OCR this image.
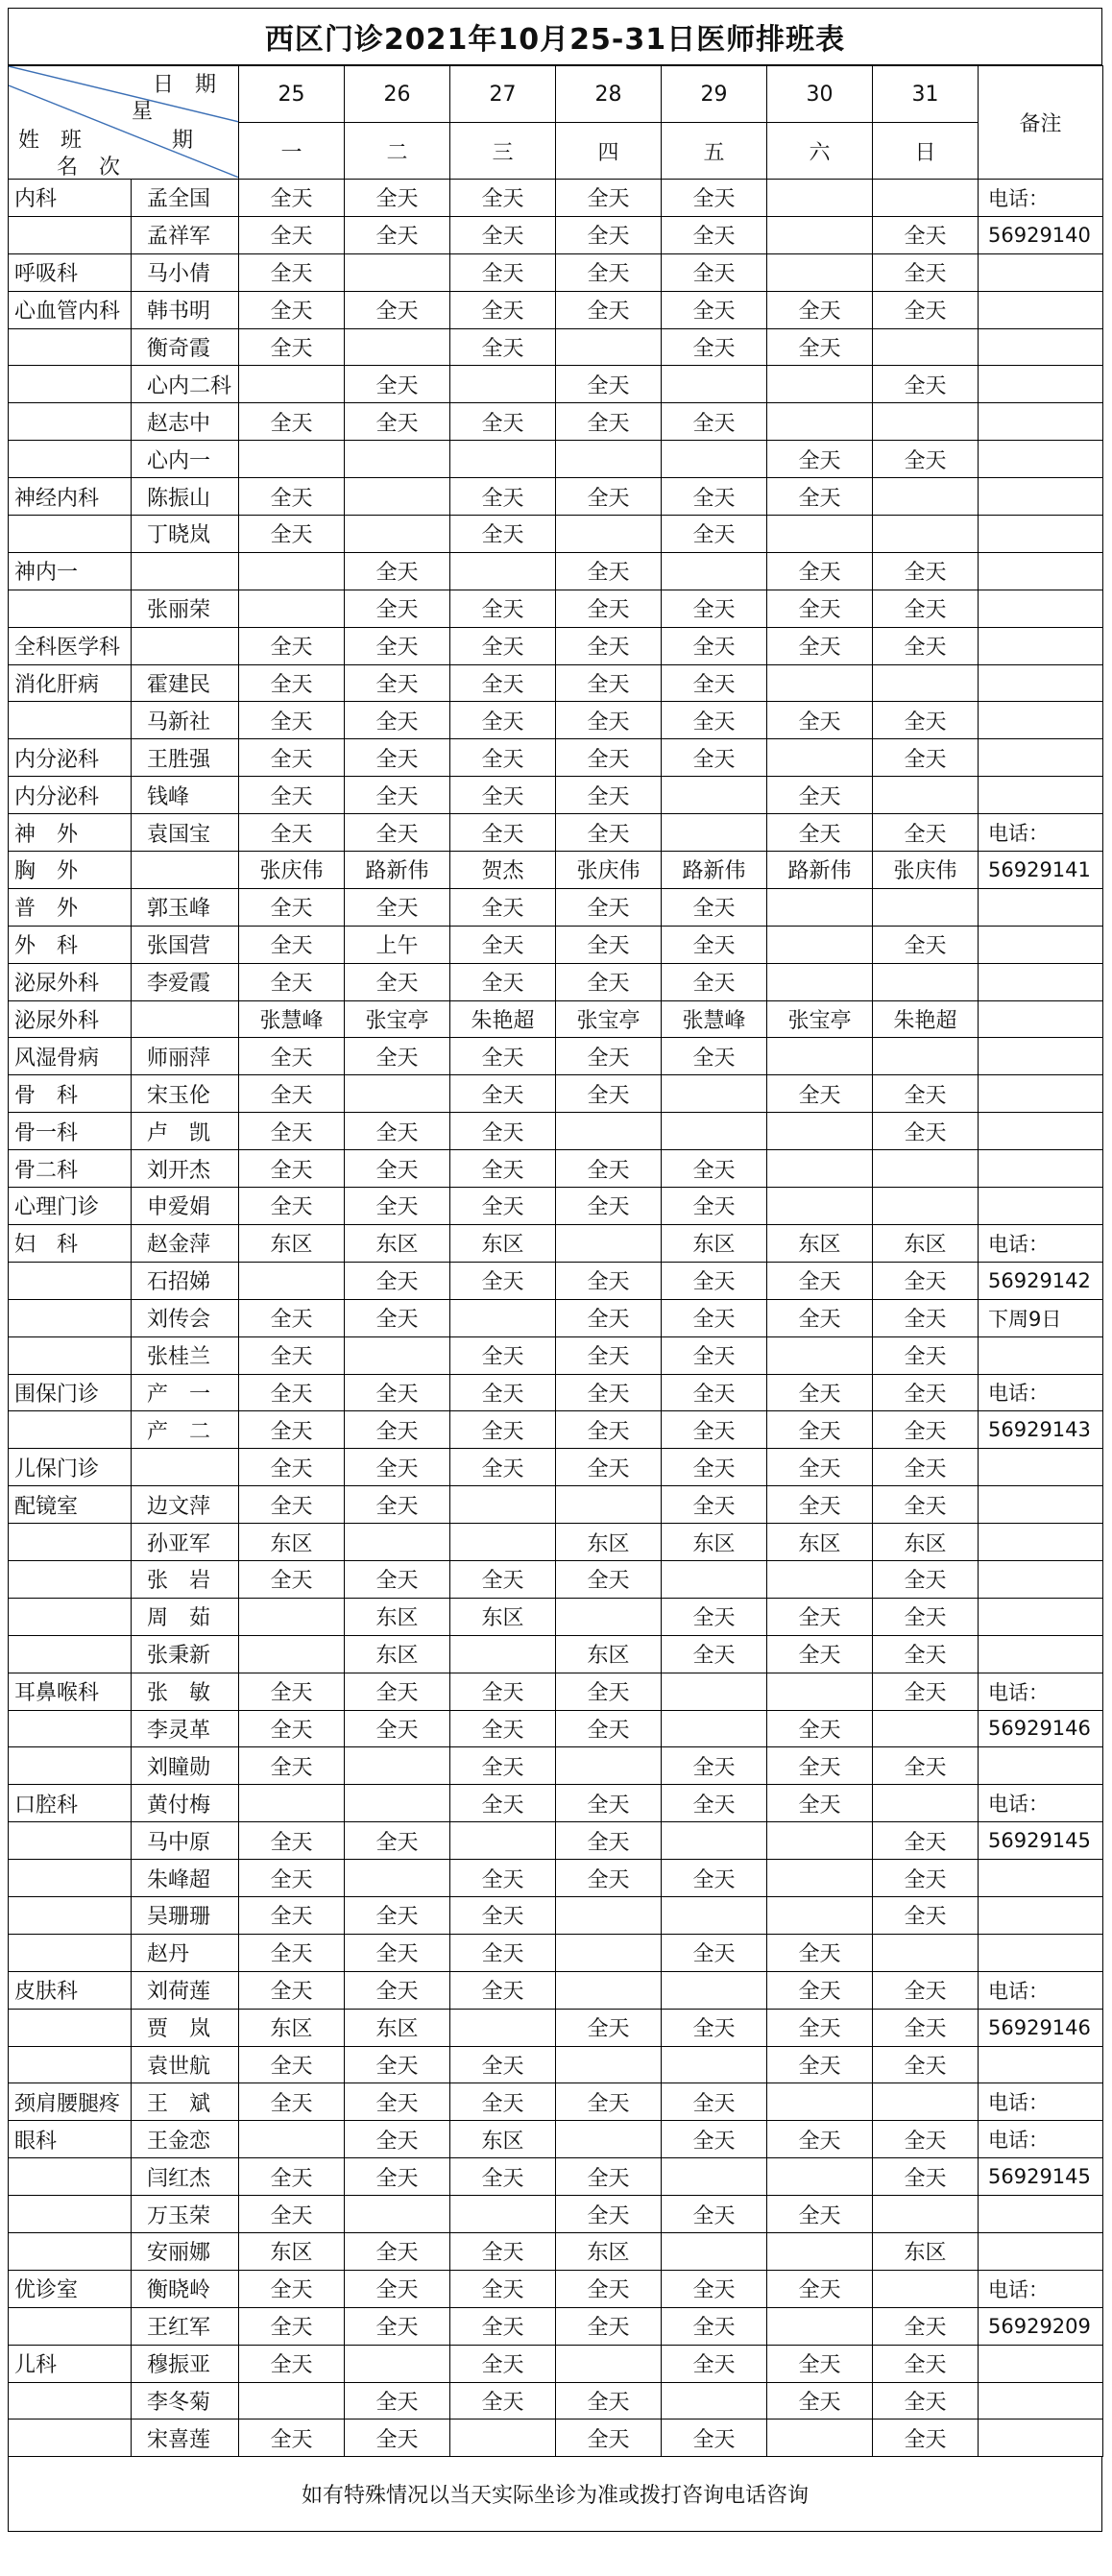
西区门诊2021年10月25-31日医师排班表
日　期
星
姓　班 期
名　次		25	26	27	28	29	30	31	备注
		一	二	三	四	五	六	日	
内科	孟全国	全天	全天	全天	全天	全天			电话：
	孟祥军	全天	全天	全天	全天	全天		全天	56929140
呼吸科	马小倩	全天		全天	全天	全天		全天	
心血管内科	韩书明	全天	全天	全天	全天	全天	全天	全天	
	衡奇霞	全天		全天		全天	全天		
	心内二科		全天		全天			全天	
	赵志中	全天	全天	全天	全天	全天			
	心内一						全天	全天	
神经内科	陈振山	全天		全天	全天	全天	全天		
	丁晓岚	全天		全天		全天			
神内一			全天		全天		全天	全天	
	张丽荣		全天	全天	全天	全天	全天	全天	
全科医学科		全天	全天	全天	全天	全天	全天	全天	
消化肝病	霍建民	全天	全天	全天	全天	全天			
	马新社	全天	全天	全天	全天	全天	全天	全天	
内分泌科	王胜强	全天	全天	全天	全天	全天		全天	
内分泌科	钱峰	全天	全天	全天	全天		全天		
神　外	袁国宝	全天	全天	全天	全天		全天	全天	电话：
胸　外		张庆伟	路新伟	贺杰	张庆伟	路新伟	路新伟	张庆伟	56929141
普　外	郭玉峰	全天	全天	全天	全天	全天			
外　科	张国营	全天	上午	全天	全天	全天		全天	
泌尿外科	李爱霞	全天	全天	全天	全天	全天			
泌尿外科		张慧峰	张宝亭	朱艳超	张宝亭	张慧峰	张宝亭	朱艳超	
风湿骨病	师丽萍	全天	全天	全天	全天	全天			
骨　科	宋玉伦	全天		全天	全天		全天	全天	
骨一科	卢　凯	全天	全天	全天				全天	
骨二科	刘开杰	全天	全天	全天	全天	全天			
心理门诊	申爱娟	全天	全天	全天	全天	全天			
妇　科	赵金萍	东区	东区	东区		东区	东区	东区	电话：
	石招娣		全天	全天	全天	全天	全天	全天	56929142
	刘传会	全天	全天		全天	全天	全天	全天	下周9日
	张桂兰	全天		全天	全天	全天		全天	
围保门诊	产　一	全天	全天	全天	全天	全天	全天	全天	电话：
	产　二	全天	全天	全天	全天	全天	全天	全天	56929143
儿保门诊		全天	全天	全天	全天	全天	全天	全天	
配镜室	边文萍	全天	全天			全天	全天	全天	
	孙亚军	东区			东区	东区	东区	东区	
	张　岩	全天	全天	全天	全天			全天	
	周　茹		东区	东区		全天	全天	全天	
	张秉新		东区		东区	全天	全天	全天	
耳鼻喉科	张　敏	全天	全天	全天	全天			全天	电话：
	李灵革	全天	全天	全天	全天		全天		56929146
	刘瞳勋	全天		全天		全天	全天	全天	
口腔科	黄付梅			全天	全天	全天	全天		电话：
	马中原	全天	全天		全天			全天	56929145
	朱峰超	全天		全天	全天	全天		全天	
	吴珊珊	全天	全天	全天				全天	
	赵丹	全天	全天	全天		全天	全天		
皮肤科	刘荷莲	全天	全天	全天			全天	全天	电话：
	贾　岚	东区	东区		全天	全天	全天	全天	56929146
	袁世航	全天	全天	全天			全天	全天	
颈肩腰腿疼	王　斌	全天	全天	全天	全天	全天			电话：
眼科	王金恋		全天	东区		全天	全天	全天	电话：
	闫红杰	全天	全天	全天	全天			全天	56929145
	万玉荣	全天			全天	全天	全天		
	安丽娜	东区	全天	全天	东区			东区	
优诊室	衡晓岭	全天	全天	全天	全天	全天	全天		电话：
	王红军	全天	全天	全天	全天	全天		全天	56929209
儿科	穆振亚	全天		全天		全天	全天	全天	
	李冬菊		全天	全天	全天		全天	全天	
	宋喜莲	全天	全天		全天	全天		全天	
如有特殊情况以当天实际坐诊为准或拨打咨询电话咨询
